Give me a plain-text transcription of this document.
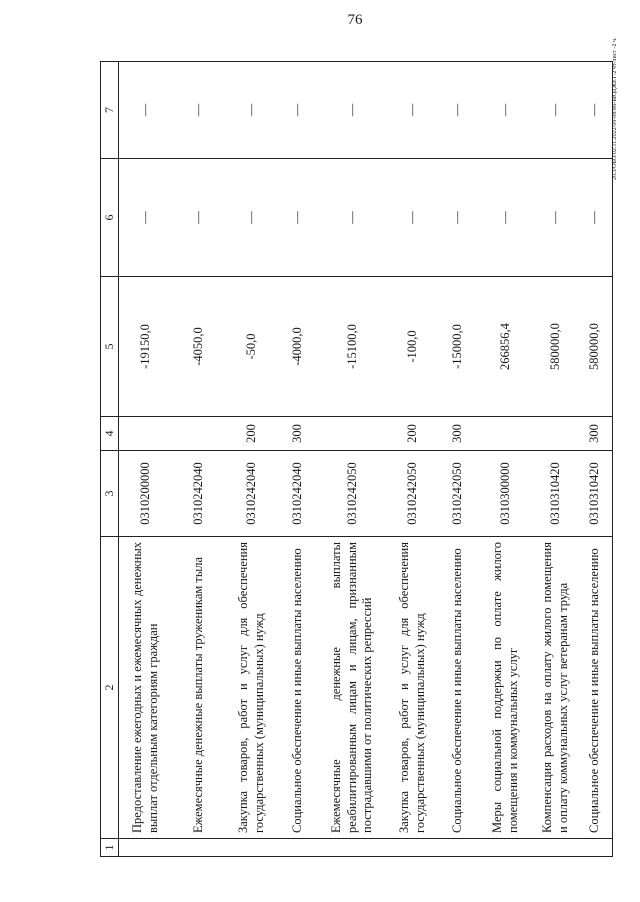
76
20.3/ОБО/02.11.2022/09-08/мэ-БЮДЖЕТ-2 чт-лист -2 ч.
1	2	3	4	5	6	7
	Предоставление ежегодных и ежемесячных денежных выплат отдельным категориям граждан	0310200000		-19150,0	—	—
	Ежемесячные денежные выплаты труженикам тыла	0310242040		-4050,0	—	—
	Закупка товаров, работ и услуг для обеспечения государственных (муниципальных) нужд	0310242040	200	-50,0	—	—
	Социальное обеспечение и иные выплаты населению	0310242040	300	-4000,0	—	—
	Ежемесячные денежные выплаты реабилитированным лицам и лицам, признанным пострадавшими от политических репрессий	0310242050		-15100,0	—	—
	Закупка товаров, работ и услуг для обеспечения государственных (муниципальных) нужд	0310242050	200	-100,0	—	—
	Социальное обеспечение и иные выплаты населению	0310242050	300	-15000,0	—	—
	Меры социальной поддержки по оплате жилого помещения и коммунальных услуг	0310300000		266856,4	—	—
	Компенсация расходов на оплату жилого помещения и оплату коммунальных услуг ветеранам труда	0310310420		580000,0	—	—
	Социальное обеспечение и иные выплаты населению	0310310420	300	580000,0	—	—
